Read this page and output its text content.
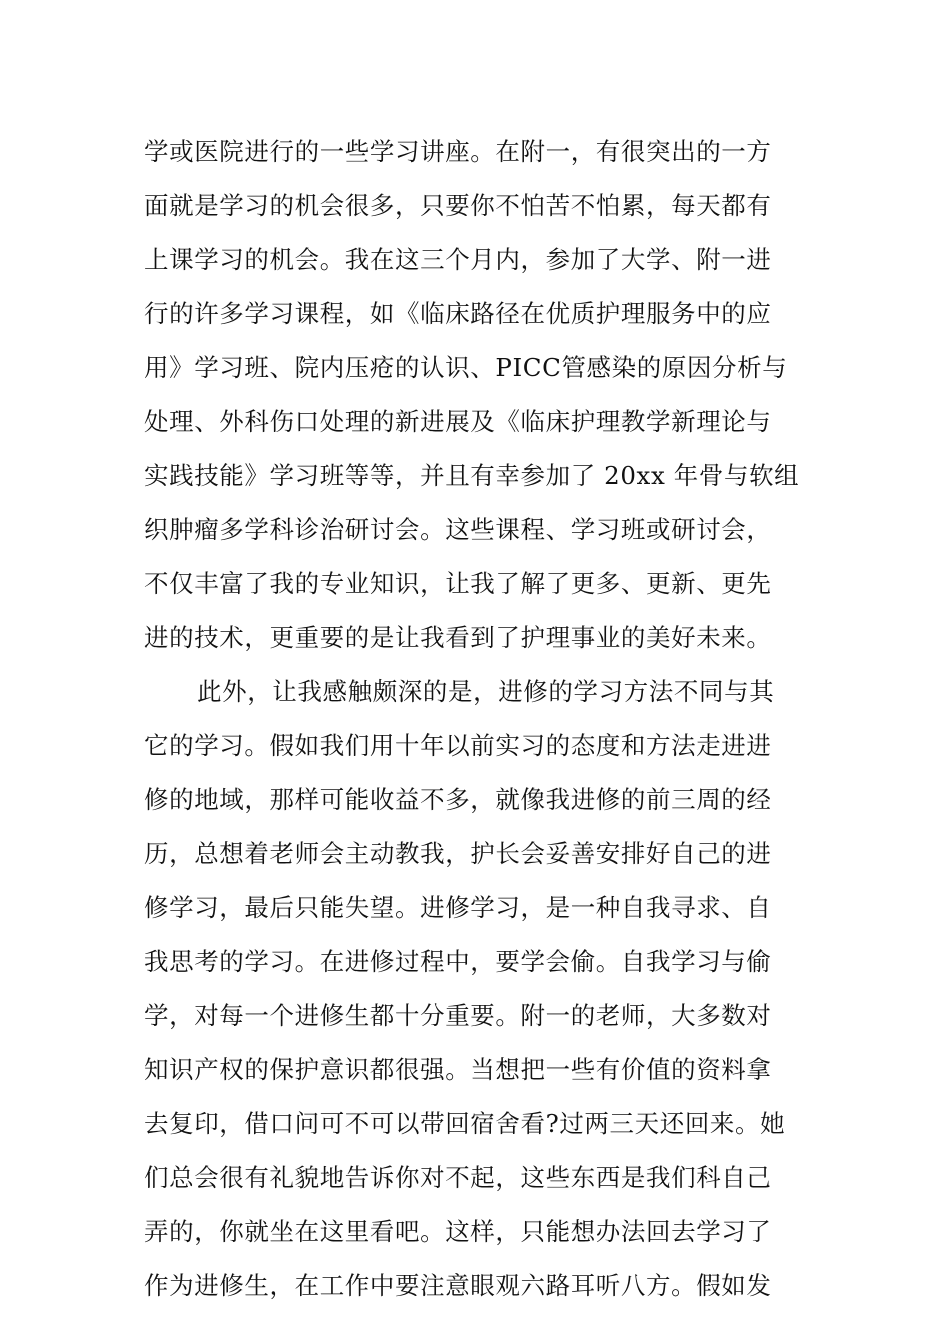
学或医院进行的一些学习讲座。在附一，有很突出的一方
面就是学习的机会很多，只要你不怕苦不怕累，每天都有
上课学习的机会。我在这三个月内，参加了大学、附一进
行的许多学习课程，如《临床路径在优质护理服务中的应
用》学习班、院内压疮的认识、PICC管感染的原因分析与
处理、外科伤口处理的新进展及《临床护理教学新理论与
实践技能》学习班等等，并且有幸参加了 20xx 年骨与软组
织肿瘤多学科诊治研讨会。这些课程、学习班或研讨会，
不仅丰富了我的专业知识，让我了解了更多、更新、更先
进的技术，更重要的是让我看到了护理事业的美好未来。
此外，让我感触颇深的是，进修的学习方法不同与其
它的学习。假如我们用十年以前实习的态度和方法走进进
修的地域，那样可能收益不多，就像我进修的前三周的经
历，总想着老师会主动教我，护长会妥善安排好自己的进
修学习，最后只能失望。进修学习，是一种自我寻求、自
我思考的学习。在进修过程中，要学会偷。自我学习与偷
学，对每一个进修生都十分重要。附一的老师，大多数对
知识产权的保护意识都很强。当想把一些有价值的资料拿
去复印，借口问可不可以带回宿舍看?过两三天还回来。她
们总会很有礼貌地告诉你对不起，这些东西是我们科自己
弄的，你就坐在这里看吧。这样，只能想办法回去学习了
作为进修生，在工作中要注意眼观六路耳听八方。假如发
